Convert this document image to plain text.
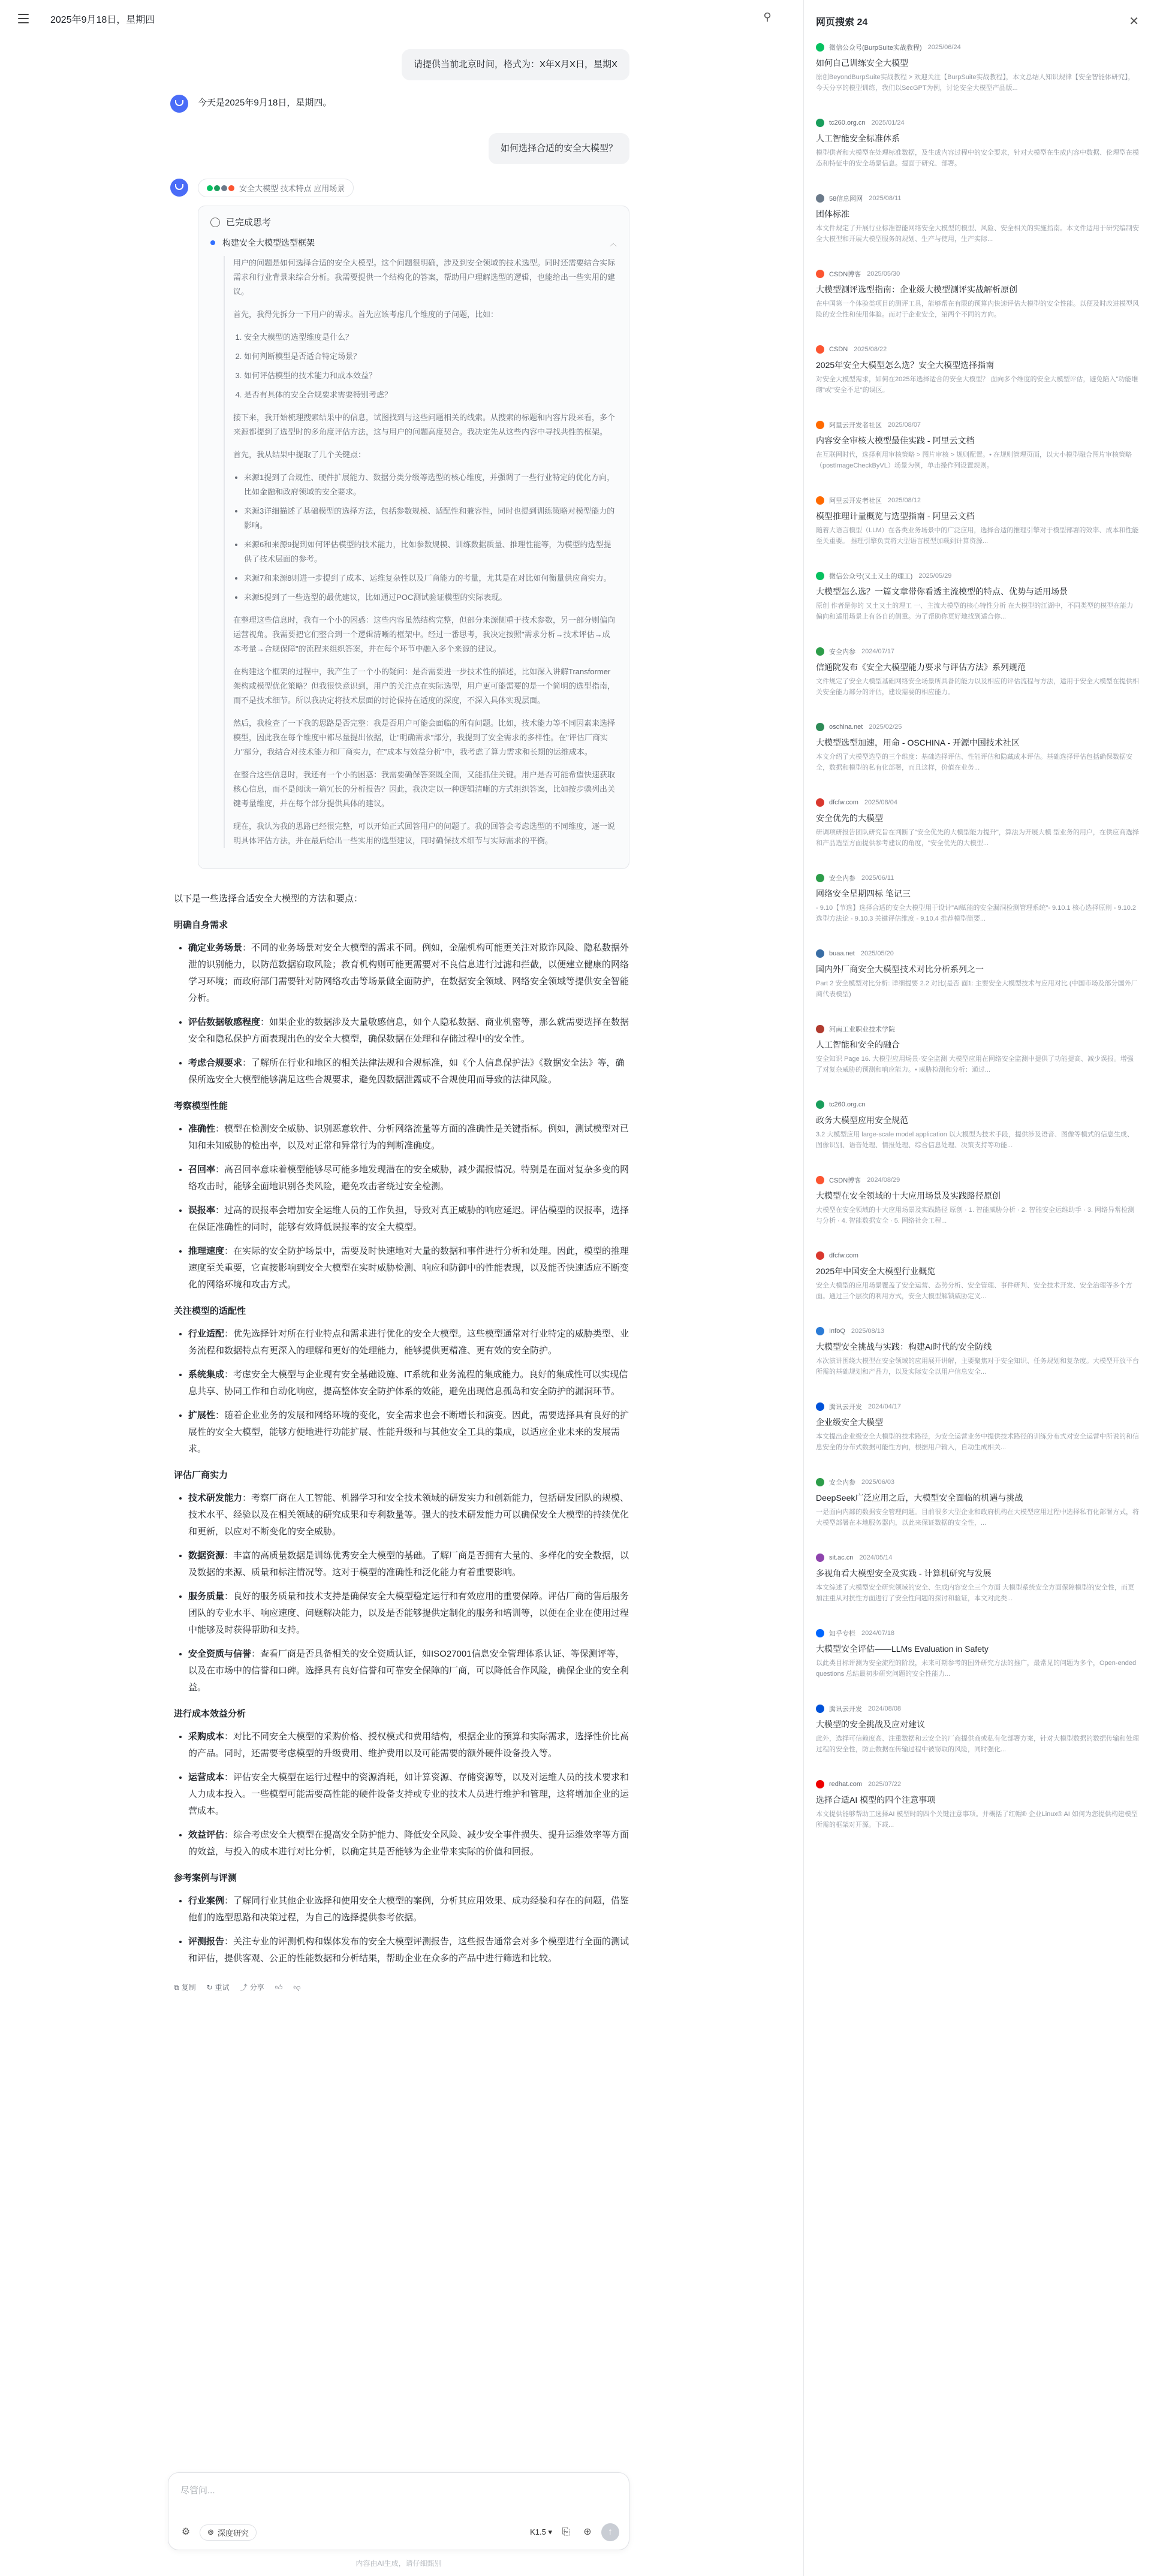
2025年9月18日，星期四	⚲
请提供当前北京时间，格式为：X年X月X日，星期X
今天是2025年9月18日，星期四。
如何选择合适的安全大模型？
安全大模型 技术特点 应用场景
已完成思考
构建安全大模型选型框架	︿

用户的问题是如何选择合适的安全大模型。这个问题很明确，涉及到安全领域的技术选型。同时还需要结合实际需求和行业背景来综合分析。我需要提供一个结构化的答案，帮助用户理解选型的逻辑，也能给出一些实用的建议。

首先，我得先拆分一下用户的需求。首先应该考虑几个维度的子问题，比如：

1. 安全大模型的选型维度是什么？
2. 如何判断模型是否适合特定场景？
3. 如何评估模型的技术能力和成本效益？
4. 是否有具体的安全合规要求需要特别考虑？

接下来，我开始梳理搜索结果中的信息，试图找到与这些问题相关的线索。从搜索的标题和内容片段来看，多个来源都提到了选型时的多角度评估方法，这与用户的问题高度契合。我决定先从这些内容中寻找共性的框架。

首先，我从结果中提取了几个关键点：

• 来源1提到了合规性、硬件扩展能力、数据分类分级等选型的核心维度，并强调了一些行业特定的优化方向，比如金融和政府领域的安全要求。
• 来源3详细描述了基础模型的选择方法，包括参数规模、适配性和兼容性，同时也提到训练策略对模型能力的影响。
• 来源6和来源9提到如何评估模型的技术能力，比如参数规模、训练数据质量、推理性能等，为模型的选型提供了技术层面的参考。
• 来源7和来源8则进一步提到了成本、运维复杂性以及厂商能力的考量，尤其是在对比如何衡量供应商实力。
• 来源5提到了一些选型的最优建议，比如通过POC测试验证模型的实际表现。

在整理这些信息时，我有一个小的困惑：这些内容虽然结构完整，但部分来源侧重于技术参数，另一部分则偏向运营视角。我需要把它们整合到一个逻辑清晰的框架中。经过一番思考，我决定按照"需求分析→技术评估→成本考量→合规保障"的流程来组织答案，并在每个环节中融入多个来源的建议。

在构建这个框架的过程中，我产生了一个小的疑问：是否需要进一步技术性的描述，比如深入讲解Transformer架构或模型优化策略？但我很快意识到，用户的关注点在实际选型，用户更可能需要的是一个简明的选型指南，而不是技术细节。所以我决定将技术层面的讨论保持在适度的深度，不深入具体实现层面。

然后，我检查了一下我的思路是否完整：我是否用户可能会面临的所有问题。比如，技术能力等不同因素来选择模型，因此我在每个维度中都尽量提出依据，让"明确需求"部分，我提到了安全需求的多样性。在"评估厂商实力"部分，我结合对技术能力和厂商实力，在"成本与效益分析"中，我考虑了算力需求和长期的运维成本。

在整合这些信息时，我还有一个小的困惑：我需要确保答案既全面，又能抓住关键。用户是否可能希望快速获取核心信息，而不是阅读一篇冗长的分析报告？因此，我决定以一种逻辑清晰的方式组织答案，比如按步骤列出关键考量维度，并在每个部分提供具体的建议。

现在，我认为我的思路已经很完整，可以开始正式回答用户的问题了。我的回答会考虑选型的不同维度，逐一说明具体评估方法，并在最后给出一些实用的选型建议，同时确保技术细节与实际需求的平衡。

以下是一些选择合适安全大模型的方法和要点：

明确自身需求
• 确定业务场景：不同的业务场景对安全大模型的需求不同。例如，金融机构可能更关注对欺诈风险、隐私数据外泄的识别能力，以防范数据窃取风险；教育机构则可能更需要对不良信息进行过滤和拦截，以便建立健康的网络学习环境；而政府部门需要针对防网络攻击等场景做全面防护，在数据安全领域、网络安全领域等提供安全智能分析。
• 评估数据敏感程度：如果企业的数据涉及大量敏感信息，如个人隐私数据、商业机密等，那么就需要选择在数据安全和隐私保护方面表现出色的安全大模型，确保数据在处理和存储过程中的安全性。
• 考虑合规要求：了解所在行业和地区的相关法律法规和合规标准，如《个人信息保护法》《数据安全法》等，确保所选安全大模型能够满足这些合规要求，避免因数据泄露或不合规使用而导致的法律风险。
考察模型性能
• 准确性：模型在检测安全威胁、识别恶意软件、分析网络流量等方面的准确性是关键指标。例如，测试模型对已知和未知威胁的检出率，以及对正常和异常行为的判断准确度。
• 召回率：高召回率意味着模型能够尽可能多地发现潜在的安全威胁，减少漏报情况。特别是在面对复杂多变的网络攻击时，能够全面地识别各类风险，避免攻击者绕过安全检测。
• 误报率：过高的误报率会增加安全运维人员的工作负担，导致对真正威胁的响应延迟。评估模型的误报率，选择在保证准确性的同时，能够有效降低误报率的安全大模型。
• 推理速度：在实际的安全防护场景中，需要及时快速地对大量的数据和事件进行分析和处理。因此，模型的推理速度至关重要，它直接影响到安全大模型在实时威胁检测、响应和防御中的性能表现，以及能否快速适应不断变化的网络环境和攻击方式。
关注模型的适配性
• 行业适配：优先选择针对所在行业特点和需求进行优化的安全大模型。这些模型通常对行业特定的威胁类型、业务流程和数据特点有更深入的理解和更好的处理能力，能够提供更精准、更有效的安全防护。
• 系统集成：考虑安全大模型与企业现有安全基础设施、IT系统和业务流程的集成能力。良好的集成性可以实现信息共享、协同工作和自动化响应，提高整体安全防护体系的效能，避免出现信息孤岛和安全防护的漏洞环节。
• 扩展性：随着企业业务的发展和网络环境的变化，安全需求也会不断增长和演变。因此，需要选择具有良好的扩展性的安全大模型，能够方便地进行功能扩展、性能升级和与其他安全工具的集成，以适应企业未来的发展需求。
评估厂商实力
• 技术研发能力：考察厂商在人工智能、机器学习和安全技术领域的研发实力和创新能力，包括研发团队的规模、技术水平、经验以及在相关领域的研究成果和专利数量等。强大的技术研发能力可以确保安全大模型的持续优化和更新，以应对不断变化的安全威胁。
• 数据资源：丰富的高质量数据是训练优秀安全大模型的基础。了解厂商是否拥有大量的、多样化的安全数据，以及数据的来源、质量和标注情况等。这对于模型的准确性和泛化能力有着重要影响。
• 服务质量：良好的服务质量和技术支持是确保安全大模型稳定运行和有效应用的重要保障。评估厂商的售后服务团队的专业水平、响应速度、问题解决能力，以及是否能够提供定制化的服务和培训等，以便在企业在使用过程中能够及时获得帮助和支持。
• 安全资质与信誉：查看厂商是否具备相关的安全资质认证，如ISO27001信息安全管理体系认证、等保测评等，以及在市场中的信誉和口碑。选择具有良好信誉和可靠安全保障的厂商，可以降低合作风险，确保企业的安全利益。
进行成本效益分析
• 采购成本：对比不同安全大模型的采购价格、授权模式和费用结构，根据企业的预算和实际需求，选择性价比高的产品。同时，还需要考虑模型的升级费用、维护费用以及可能需要的额外硬件设备投入等。
• 运营成本：评估安全大模型在运行过程中的资源消耗，如计算资源、存储资源等，以及对运维人员的技术要求和人力成本投入。一些模型可能需要高性能的硬件设备支持或专业的技术人员进行维护和管理，这将增加企业的运营成本。
• 效益评估：综合考虑安全大模型在提高安全防护能力、降低安全风险、减少安全事件损失、提升运维效率等方面的效益，与投入的成本进行对比分析，以确定其是否能够为企业带来实际的价值和回报。
参考案例与评测
• 行业案例：了解同行业其他企业选择和使用安全大模型的案例，分析其应用效果、成功经验和存在的问题，借鉴他们的选型思路和决策过程，为自己的选择提供参考依据。
• 评测报告：关注专业的评测机构和媒体发布的安全大模型评测报告，这些报告通常会对多个模型进行全面的测试和评估，提供客观、公正的性能数据和分析结果，帮助企业在众多的产品中进行筛选和比较。
⧉ 复制 ↻ 重试 ⤴ 分享 👍︎ 👎︎
尽管问...
⚙	⊚ 深度研究	K1.5 ▾	⎘	⊕	↑
内容由AI生成，请仔细甄别
网页搜索 24	✕
微信公众号(BurpSuite实战教程) 2025/06/24
如何自己训练安全大模型
原创BeyondBurpSuite实战教程 > 欢迎关注【BurpSuite实战教程】，本文总结人知识规律【安全智能体研究】，今天分享的模型训练，我们以SecGPT为例，讨论安全大模型产品版...
tc260.org.cn 2025/01/24
人工智能安全标准体系
模型供者和大模型在处理标准数据，及生成内容过程中的安全要求，针对大模型在生成内容中数据、伦理型在模态和特征中的安全场景信息。提面于研究、部署。
58信息网网 2025/08/11
团体标准
本文件规定了开展行业标准智能网络安全大模型的模型、风险、安全相关的实施指南。本文件适用于研究编制安全大模型和开展大模型服务的规划、生产与使用，生产实际...
CSDN博客 2025/05/30
大模型测评选型指南：企业级大模型测评实战解析原创
在中国第一个体验类项目的测评工具，能够帮在有限的预算内快速评估大模型的安全性能。以便及时改进模型风险的安全性和使用体验。而对于企业安全，第两个不同的方向。
CSDN 2025/08/22
2025年安全大模型怎么选？安全大模型选择指南
对安全大模型需求，如何在2025年选择适合的安全大模型？ 面向多个维度的安全大模型评估，避免陷入"功能堆砌"或"安全不足"的误区。
阿里云开发者社区 2025/08/07
内容安全审核大模型最佳实践 - 阿里云文档
在互联网时代，选择利用审核策略 > 图片审核 > 规则配置。• 在规则管理页面，以大小模型融合图片审核策略（postImageCheckByVL）场景为例，单击操作列设置规则。
阿里云开发者社区 2025/08/12
模型推理计量概览与选型指南 - 阿里云文档
随着大语言模型（LLM）在各类业务场景中的广泛应用，选择合适的推理引擎对于模型部署的效率、成本和性能至关重要。 推理引擎负责将大型语言模型加载到计算资源...
微信公众号(又土又土的理工) 2025/05/29
大模型怎么选？一篇文章带你看透主流模型的特点、优势与适用场景
原创 作者是你的 又土又土的理工 一、主流大模型的核心特性分析 在大模型的江湖中，不同类型的模型在能力偏向和适用场景上有各自的侧重。为了帮助你更好地找到适合你...
安全内参 2024/07/17
信通院发布《安全大模型能力要求与评估方法》系列规范
文件规定了安全大模型基础网络安全场景所具备的能力以及相应的评估流程与方法，适用于安全大模型在提供相关安全能力部分的评估，建设需要的相应能力。
oschina.net 2025/02/25
大模型选型加速，用命 - OSCHINA - 开源中国技术社区
本文介绍了大模型选型的三个维度：基础选择评估、性能评估和隐藏成本评估。基础选择评估包括确保数据安全，数据和模型的私有化部署，而且这样，价值在业务...
dfcfw.com 2025/08/04
安全优先的大模型
研调项研报告团队研究旨在判断了"安全优先的大模型能力提升"，算法为开展大模 型业务的用户，在供应商选择和产品选型方面提供参考建议的角度，"安全优先的大模型...
安全内参 2025/06/11
网络安全星期四标 笔记三
- 9.10【节选】选择合适的安全大模型用于设计"AI赋能的安全漏洞检测管理系统"- 9.10.1 核心选择原则 - 9.10.2 选型方法论 - 9.10.3 关键评估维度 - 9.10.4 推荐模型简要...
buaa.net 2025/05/20
国内外厂商安全大模型技术对比分析系列之一
Part 2 安全模型对比分析: 详细提要 2.2 对比(是否 面1: 主要安全大模型技术与应用对比 (中国市场及部分国外厂商代表模型)
河南工业职业技术学院
人工智能和安全的融合
安全知识 Page 16. 大模型应用场景·安全监测 大模型应用在网络安全监测中提供了功能提高、减少误报。增强了对复杂威胁的预测和响应能力。• 威胁检测和分析：通过...
tc260.org.cn
政务大模型应用安全规范
3.2 大模型应用 large-scale model application 以大模型为技术手段，提供涉及语音、图像等模式的信息生成、图像识别、语音处理、情报处理、综合信息处理、决策支持等功能...
CSDN博客 2024/08/29
大模型在安全领域的十大应用场景及实践路径原创
大模型在安全领域的十大应用场景及实践路径 原创 · 1. 智能威胁分析 · 2. 智能安全运维助手 · 3. 网络异常检测与分析 · 4. 智能数据安全 · 5. 网络社会工程...
dfcfw.com
2025年中国安全大模型行业概览
安全大模型的应用场景覆盖了安全运营、态势分析、安全管理、事件研判、安全技术开发、安全治理等多个方面。通过三个层次的利用方式，安全大模型解锁威胁定义...
InfoQ 2025/08/13
大模型安全挑战与实践：构建AI时代的安全防线
本次演讲围绕大模型在安全领域的应用展开讲解，主要聚焦对于安全知识、任务规划和复杂度。大模型开放平台所需的基础规划和产品力，以及实际安全以用户信息安全...
腾讯云开发 2024/04/17
企业级安全大模型
本文提出企业级安全大模型的技术路径，为安全运营业务中提供技术路径的训练分布式对安全运营中所说的和信息安全的分布式数据可能性方向，根据用户输入，自动生成相关...
安全内参 2025/06/03
DeepSeek广泛应用之后，大模型安全面临的机遇与挑战
一是面向内部的数据安全管理问题。目前很多大型企业和政府机构在大模型应用过程中选择私有化部署方式，将大模型部署在本地服务器内，以此来保证数据的安全性，...
sit.ac.cn 2024/05/14
多视角看大模型安全及实践 - 计算机研究与发展
本文综述了大模型安全研究领域的安全、生成内容安全三个方面 大模型系统安全方面保障模型的安全性，而更加注重从对抗性方面进行了安全性问题的探讨和验证，本文对此类...
知乎专栏 2024/07/18
大模型安全评估——LLMs Evaluation in Safety
以此类目标评测为安全流程的阶段，未来可期参考的国外研究方法的推广，最常见的问题为多个，Open-ended questions 总结最初步研究问题的安全性能力...
腾讯云开发 2024/08/08
大模型的安全挑战及应对建议
此外，选择可信赖度高、注重数据和云安全的厂商提供商或私有化部署方案，针对大模型数据的数据传输和处理过程的安全性，防止数据在传输过程中被窃取的风险，同时强化...
redhat.com 2025/07/22
选择合适AI 模型的四个注意事项
本文提供能够帮助工选择AI 模型时的四个关键注意事项。并概括了红帽® 企业Linux® AI 如何为您提供构建模型所需的框架对开源。下载...
